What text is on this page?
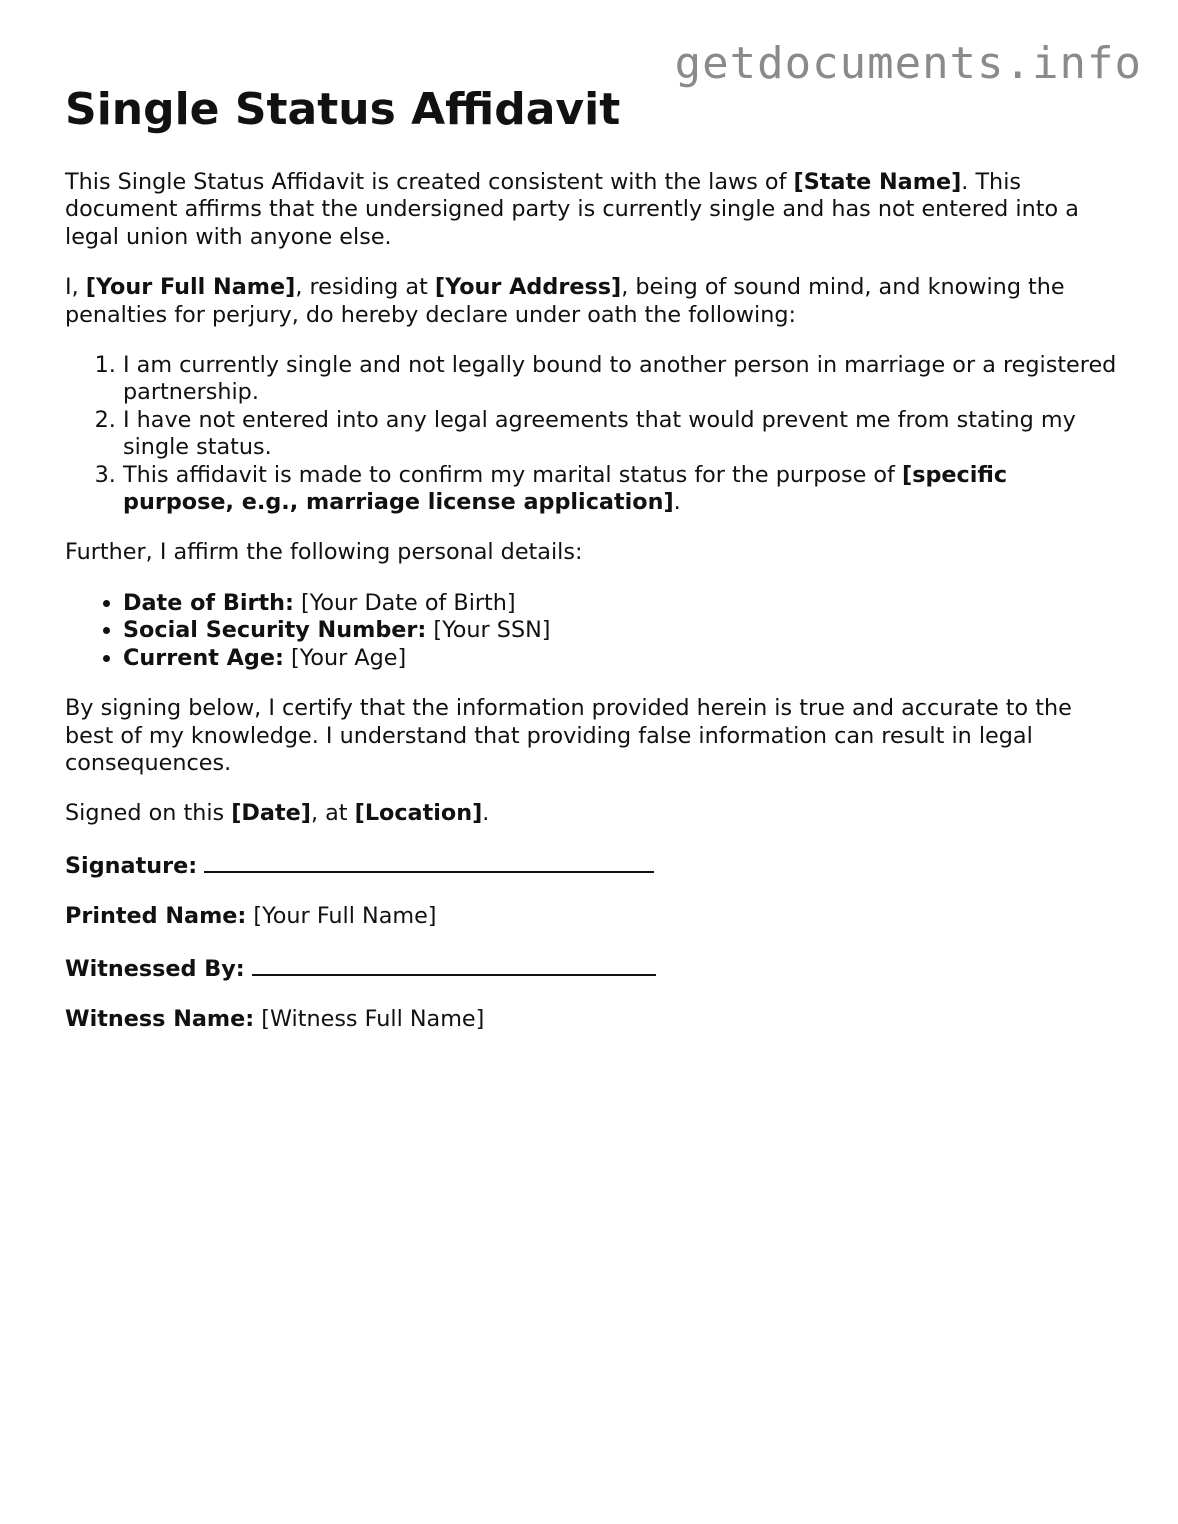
getdocuments.info
Single Status Affidavit

This Single Status Affidavit is created consistent with the laws of [State Name]. This document affirms that the undersigned party is currently single and has not entered into a legal union with anyone else.

I, [Your Full Name], residing at [Your Address], being of sound mind, and knowing the penalties for perjury, do hereby declare under oath the following:

1. I am currently single and not legally bound to another person in marriage or a registered partnership.
2. I have not entered into any legal agreements that would prevent me from stating my single status.
3. This affidavit is made to confirm my marital status for the purpose of [specific purpose, e.g., marriage license application].

Further, I affirm the following personal details:

• Date of Birth: [Your Date of Birth]
• Social Security Number: [Your SSN]
• Current Age: [Your Age]

By signing below, I certify that the information provided herein is true and accurate to the best of my knowledge. I understand that providing false information can result in legal consequences.

Signed on this [Date], at [Location].

Signature:

Printed Name: [Your Full Name]

Witnessed By:

Witness Name: [Witness Full Name]
